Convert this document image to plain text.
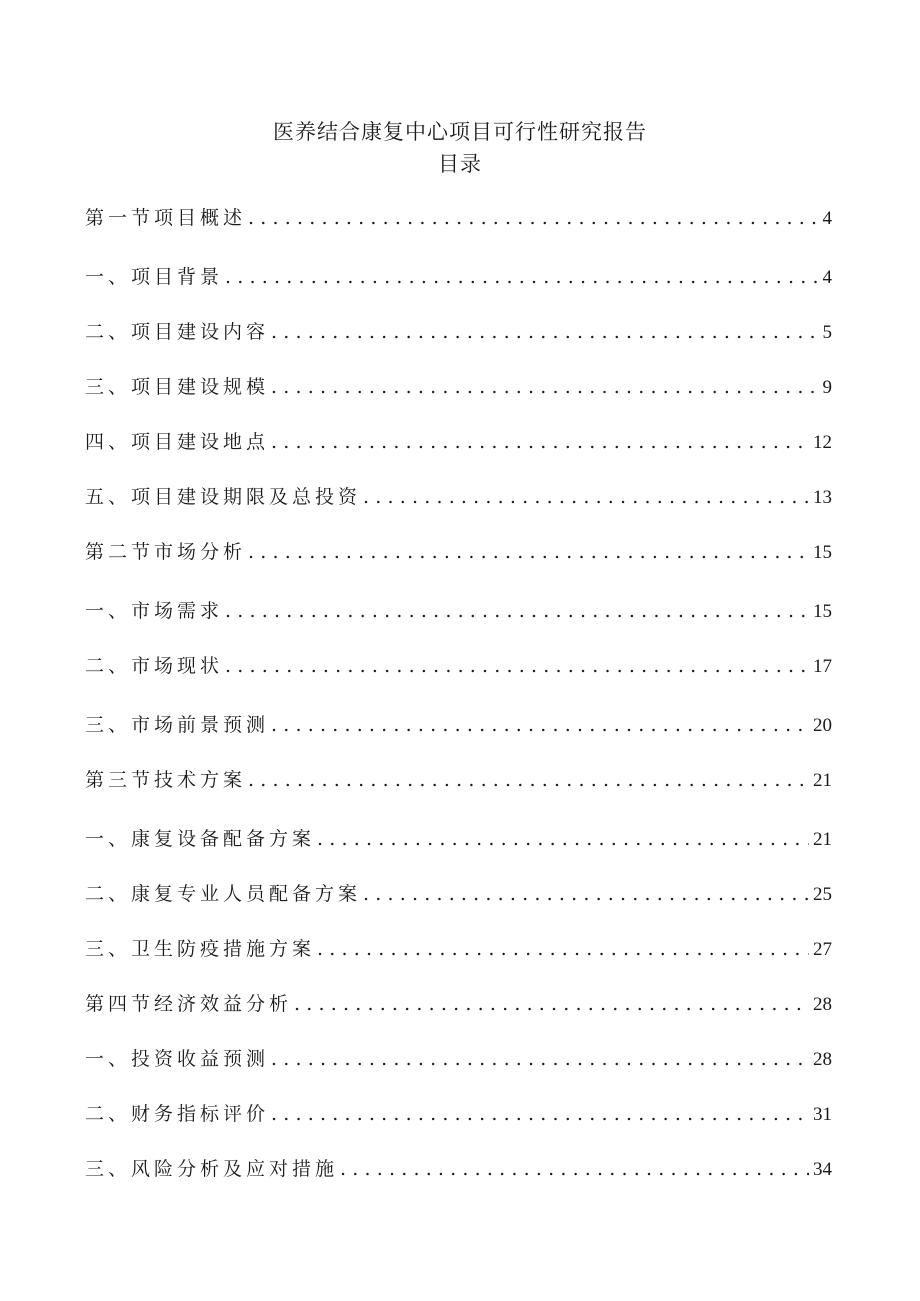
医养结合康复中心项目可行性研究报告
目录
第一节项目概述 .....	4
一、项目背景 .....	4
二、项目建设内容 .....	5
三、项目建设规模 .....	9
四、项目建设地点 .....	12
五、项目建设期限及总投资 .....	13
第二节市场分析 .....	15
一、市场需求 .....	15
二、市场现状 .....	17
三、市场前景预测 .....	20
第三节技术方案 .....	21
一、康复设备配备方案 .....	21
二、康复专业人员配备方案 .....	25
三、卫生防疫措施方案 .....	27
第四节经济效益分析 .....	28
一、投资收益预测 .....	28
二、财务指标评价 .....	31
三、风险分析及应对措施 .....	34
